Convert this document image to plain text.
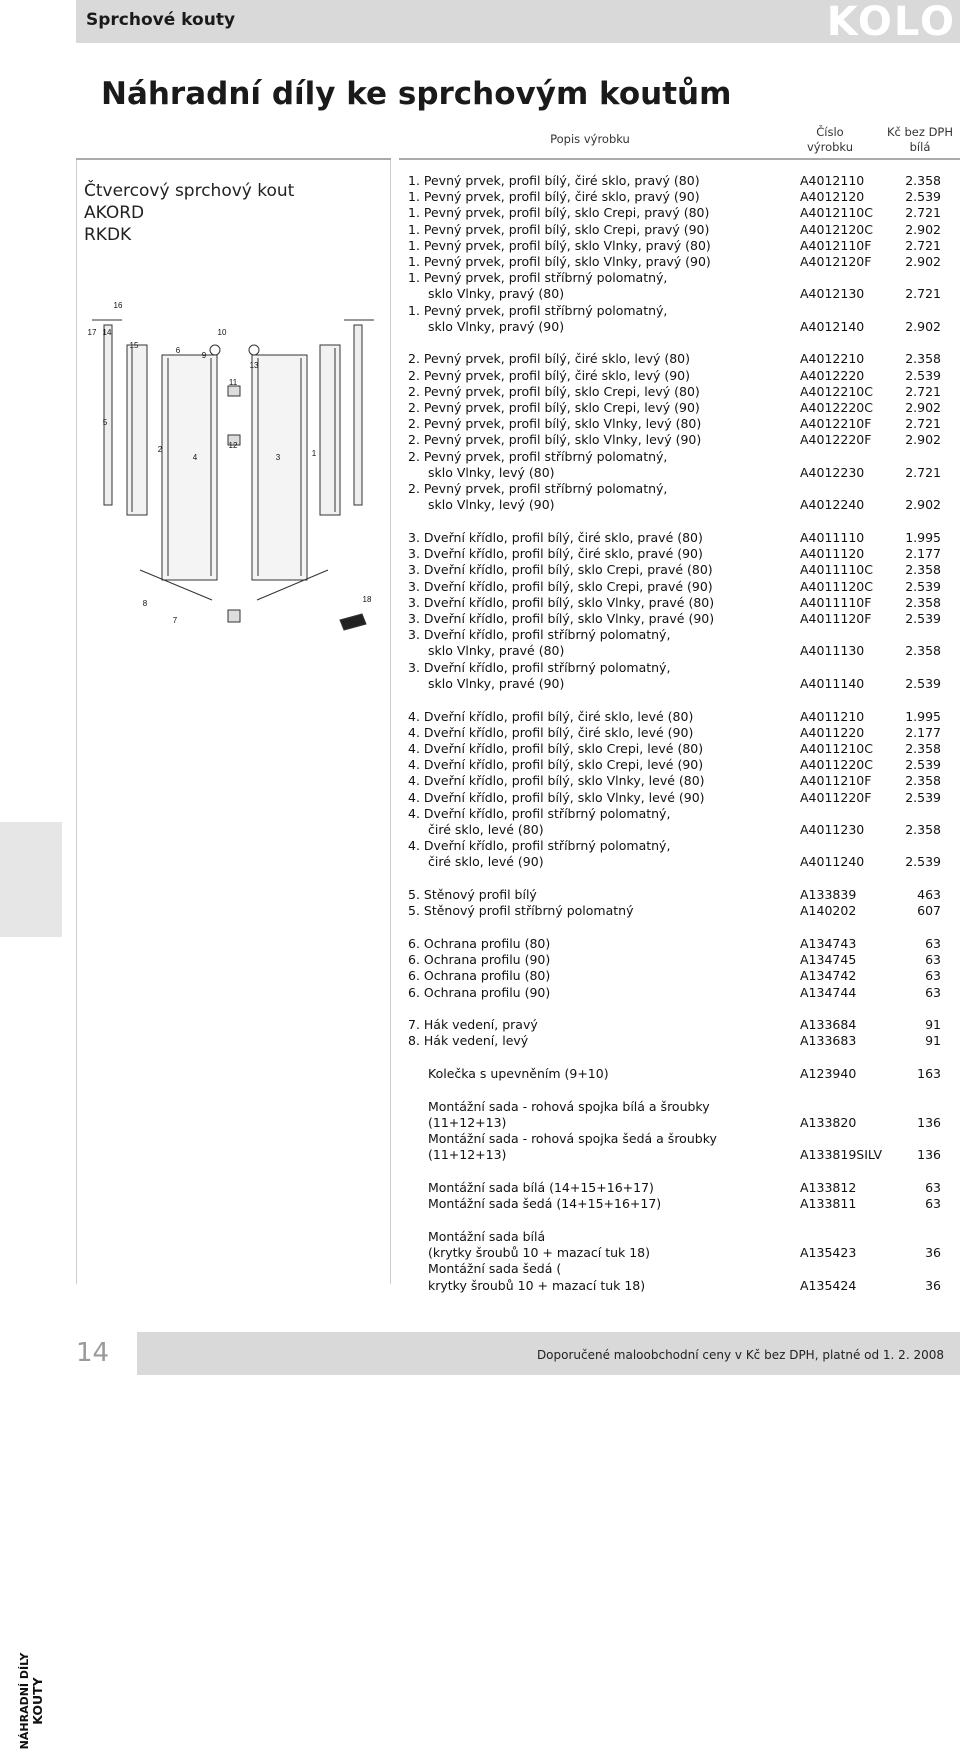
Sprchové kouty	KOLO
Náhradní díly ke sprchovým koutům
Popis výrobku	Číslo
výrobku
Kč bez DPH
bílá
Čtvercový sprchový kout
AKORD
RKDK
1
2
3
4
5
6
7
8
9
10
11
12
13
14
15
16
17
18
1. Pevný prvek, profil bílý, čiré sklo, pravý (80)	A4012110	2.358
1. Pevný prvek, profil bílý, čiré sklo, pravý (90)	A4012120	2.539
1. Pevný prvek, profil bílý, sklo Crepi, pravý (80)	A4012110C	2.721
1. Pevný prvek, profil bílý, sklo Crepi, pravý (90)	A4012120C	2.902
1. Pevný prvek, profil bílý, sklo Vlnky, pravý (80)	A4012110F	2.721
1. Pevný prvek, profil bílý, sklo Vlnky, pravý (90)	A4012120F	2.902
1. Pevný prvek, profil stříbrný polomatný,
sklo Vlnky, pravý (80)	A4012130	2.721
1. Pevný prvek, profil stříbrný polomatný,
sklo Vlnky, pravý (90)	A4012140	2.902
2. Pevný prvek, profil bílý, čiré sklo, levý (80)	A4012210	2.358
2. Pevný prvek, profil bílý, čiré sklo, levý (90)	A4012220	2.539
2. Pevný prvek, profil bílý, sklo Crepi, levý (80)	A4012210C	2.721
2. Pevný prvek, profil bílý, sklo Crepi, levý (90)	A4012220C	2.902
2. Pevný prvek, profil bílý, sklo Vlnky, levý (80)	A4012210F	2.721
2. Pevný prvek, profil bílý, sklo Vlnky, levý (90)	A4012220F	2.902
2. Pevný prvek, profil stříbrný polomatný,
sklo Vlnky, levý (80)	A4012230	2.721
2. Pevný prvek, profil stříbrný polomatný,
sklo Vlnky, levý (90)	A4012240	2.902
3. Dveřní křídlo, profil bílý, čiré sklo, pravé (80)	A4011110	1.995
3. Dveřní křídlo, profil bílý, čiré sklo, pravé (90)	A4011120	2.177
3. Dveřní křídlo, profil bílý, sklo Crepi, pravé (80)	A4011110C	2.358
3. Dveřní křídlo, profil bílý, sklo Crepi, pravé (90)	A4011120C	2.539
3. Dveřní křídlo, profil bílý, sklo Vlnky, pravé (80)	A4011110F	2.358
3. Dveřní křídlo, profil bílý, sklo Vlnky, pravé (90)	A4011120F	2.539
3. Dveřní křídlo, profil stříbrný polomatný,
sklo Vlnky, pravé (80)	A4011130	2.358
3. Dveřní křídlo, profil stříbrný polomatný,
sklo Vlnky, pravé (90)	A4011140	2.539
4. Dveřní křídlo, profil bílý, čiré sklo, levé (80)	A4011210	1.995
4. Dveřní křídlo, profil bílý, čiré sklo, levé (90)	A4011220	2.177
4. Dveřní křídlo, profil bílý, sklo Crepi, levé (80)	A4011210C	2.358
4. Dveřní křídlo, profil bílý, sklo Crepi, levé (90)	A4011220C	2.539
4. Dveřní křídlo, profil bílý, sklo Vlnky, levé (80)	A4011210F	2.358
4. Dveřní křídlo, profil bílý, sklo Vlnky, levé (90)	A4011220F	2.539
4. Dveřní křídlo, profil stříbrný polomatný,
čiré sklo, levé (80)	A4011230	2.358
4. Dveřní křídlo, profil stříbrný polomatný,
čiré sklo, levé (90)	A4011240	2.539
5. Stěnový profil bílý	A133839	463
5. Stěnový profil stříbrný polomatný	A140202	607
6. Ochrana profilu (80)	A134743	63
6. Ochrana profilu (90)	A134745	63
6. Ochrana profilu (80)	A134742	63
6. Ochrana profilu (90)	A134744	63
7. Hák vedení, pravý	A133684	91
8. Hák vedení, levý	A133683	91
Kolečka s upevněním (9+10)	A123940	163
Montážní sada - rohová spojka bílá a šroubky
(11+12+13)	A133820	136
Montážní sada - rohová spojka šedá a šroubky
(11+12+13)	A133819SILV	136
Montážní sada bílá (14+15+16+17)	A133812	63
Montážní sada šedá (14+15+16+17)	A133811	63
Montážní sada bílá
(krytky šroubů 10 + mazací tuk 18)	A135423	36
Montážní sada šedá (
krytky šroubů 10 + mazací tuk 18)	A135424	36
NÁHRADNÍ DÍLY KOUTY
14	Doporučené maloobchodní ceny v Kč bez DPH, platné od 1. 2. 2008
